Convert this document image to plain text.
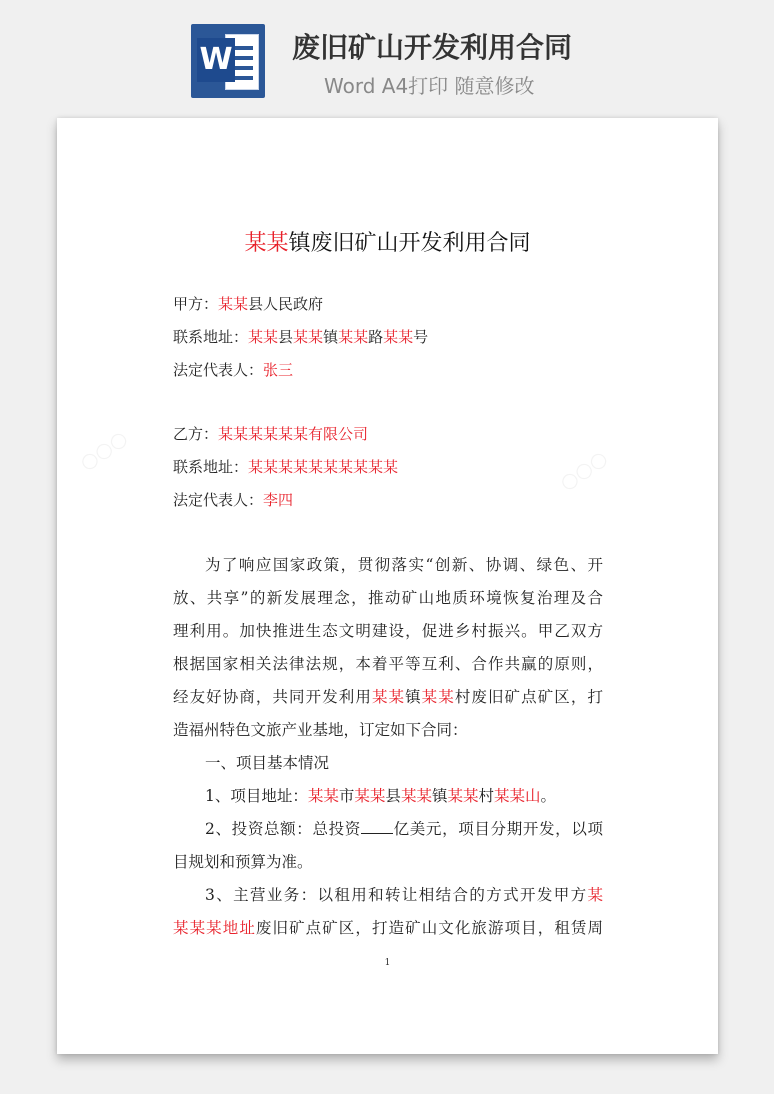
W 废旧矿山开发利用合同
Word A4打印 随意修改
○○○	○○○
某某镇废旧矿山开发利用合同
甲方：某某县人民政府
联系地址：某某县某某镇某某路某某号
法定代表人：张三
乙方：某某某某某某有限公司
联系地址：某某某某某某某某某某
法定代表人：李四
为了响应国家政策，贯彻落实“创新、协调、绿色、开
放、共享”的新发展理念，推动矿山地质环境恢复治理及合
理利用。加快推进生态文明建设，促进乡村振兴。甲乙双方
根据国家相关法律法规，本着平等互利、合作共赢的原则，
经友好协商，共同开发利用某某镇某某村废旧矿点矿区，打
造福州特色文旅产业基地，订定如下合同：
一、项目基本情况
1、项目地址：某某市某某县某某镇某某村某某山。
2、投资总额：总投资 亿美元，项目分期开发，以项
目规划和预算为准。
3、主营业务：以租用和转让相结合的方式开发甲方某
某某某地址废旧矿点矿区，打造矿山文化旅游项目，租赁周
1
